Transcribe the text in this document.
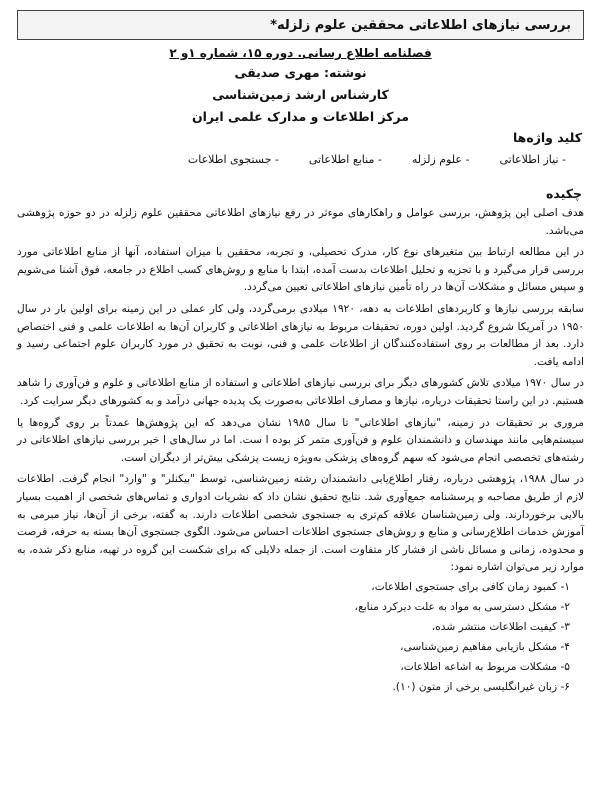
بررسی نیازهای اطلاعاتی محققین علوم زلزله*
فصلنامه اطلاع رسانی. دوره ۱۵، شماره ۱و ۲
نوشته: مهری صدیقی
کارشناس ارشد زمین‌شناسی
مرکز اطلاعات و مدارک علمی ایران
کلید واژه‌ها
- نیاز اطلاعاتی
- علوم زلزله
- منابع اطلاعاتی
- جستجوی اطلاعات
چکیده

هدف اصلی این پژوهش، بررسی عوامل و راهکارهای موءثر در رفع نیازهای اطلاعاتی محققین علوم زلزله در دو حوزه پژوهشی می‌باشد.

در این مطالعه ارتباط بین متغیرهای نوع کار، مدرک تحصیلی، و تجربه، محققین با میزان استفاده، آنها از منابع اطلاعاتی مورد بررسی قرار می‌گیرد و با تجزیه و تحلیل اطلاعات بدست آمده، ابتدا با منابع و روش‌های کسب اطلاع در جامعه، فوق آشنا می‌شویم و سپس مسائل و مشکلات آن‌ها در راه تأمین نیازهای اطلاعاتی تعیین می‌گردد.

سابقه بررسی نیازها و کاربردهای اطلاعات به دهه، ۱۹۲۰ میلادی برمی‌گردد، ولی کار عملی در این زمینه برای اولین بار در سال ۱۹۵۰ در آمریکا شروع گردید. اولین دوره، تحقیقات مربوط به نیازهای اطلاعاتی و کاربران آن‌ها به اطلاعات علمی و فنی اختصاص دارد. بعد از مطالعات بر روی استفاده‌کنندگان از اطلاعات علمی و فنی، نوبت به تحقیق در مورد کاربران علوم اجتماعی رسید و ادامه یافت.

در سال ۱۹۷۰ میلادی تلاش کشورهای دیگر برای بررسی نیازهای اطلاعاتی و استفاده از منابع اطلاعاتی و علوم و فن‌آوری را شاهد هستیم. در این راستا تحقیقات درباره، نیازها و مصارف اطلاعاتی به‌صورت یک پدیده جهانی درآمد و به کشورهای دیگر سرایت کرد.

مروری بر تحقیقات در زمینه، "نیازهای اطلاعاتی" تا سال ۱۹۸۵ نشان می‌دهد که این پژوهش‌ها عمدتاً بر روی گروه‌ها یا سیستم‌هایی مانند مهندسان و دانشمندان علوم و فن‌آوری متمر کز بوده ا ست. اما در سال‌های ا خیر بررسی نیازهای اطلاعاتی در رشته‌های تخصصی انجام می‌شود که سهم گروه‌های پزشکی به‌ویژه زیست پزشکی بیش‌تر از دیگران است.

در سال ۱۹۸۸، پژوهشی درباره، رفتار اطلاع‌یابی دانشمندان رشته زمین‌شناسی، توسط "بیکنلر" و "وارد" انجام گرفت. اطلاعات لازم از طریق مصاحبه و پرسشنامه جمع‌آوری شد. نتایج تحقیق نشان داد که نشریات ادواری و تماس‌های شخصی از اهمیت بسیار بالایی برخوردارند. ولی زمین‌شناسان علاقه کم‌تری به جستجوی شخصی اطلاعات دارند. به گفته، برخی از آن‌ها، نیاز مبرمی به آموزش خدمات اطلاع‌رسانی و منابع و روش‌های جستجوی اطلاعات احساس می‌شود. الگوی جستجوی آن‌ها بسته به حرفه، فرصت و محدوده، زمانی و مسائل ناشی از فشار کار متفاوت است. از جمله دلایلی که برای شکست این گروه در تهیه، منابع ذکر شده، به موارد زیر می‌توان اشاره نمود:

۱- کمبود زمان کافی برای جستجوی اطلاعات،
۲- مشکل دسترسی به مواد به علت دیرکرد منابع،
۳- کیفیت اطلاعات منتشر شده،
۴- مشکل بازیابی مفاهیم زمین‌شناسی،
۵- مشکلات مربوط به اشاعه اطلاعات،
۶- زبان غیرانگلیسی برخی از متون (۱۰).
